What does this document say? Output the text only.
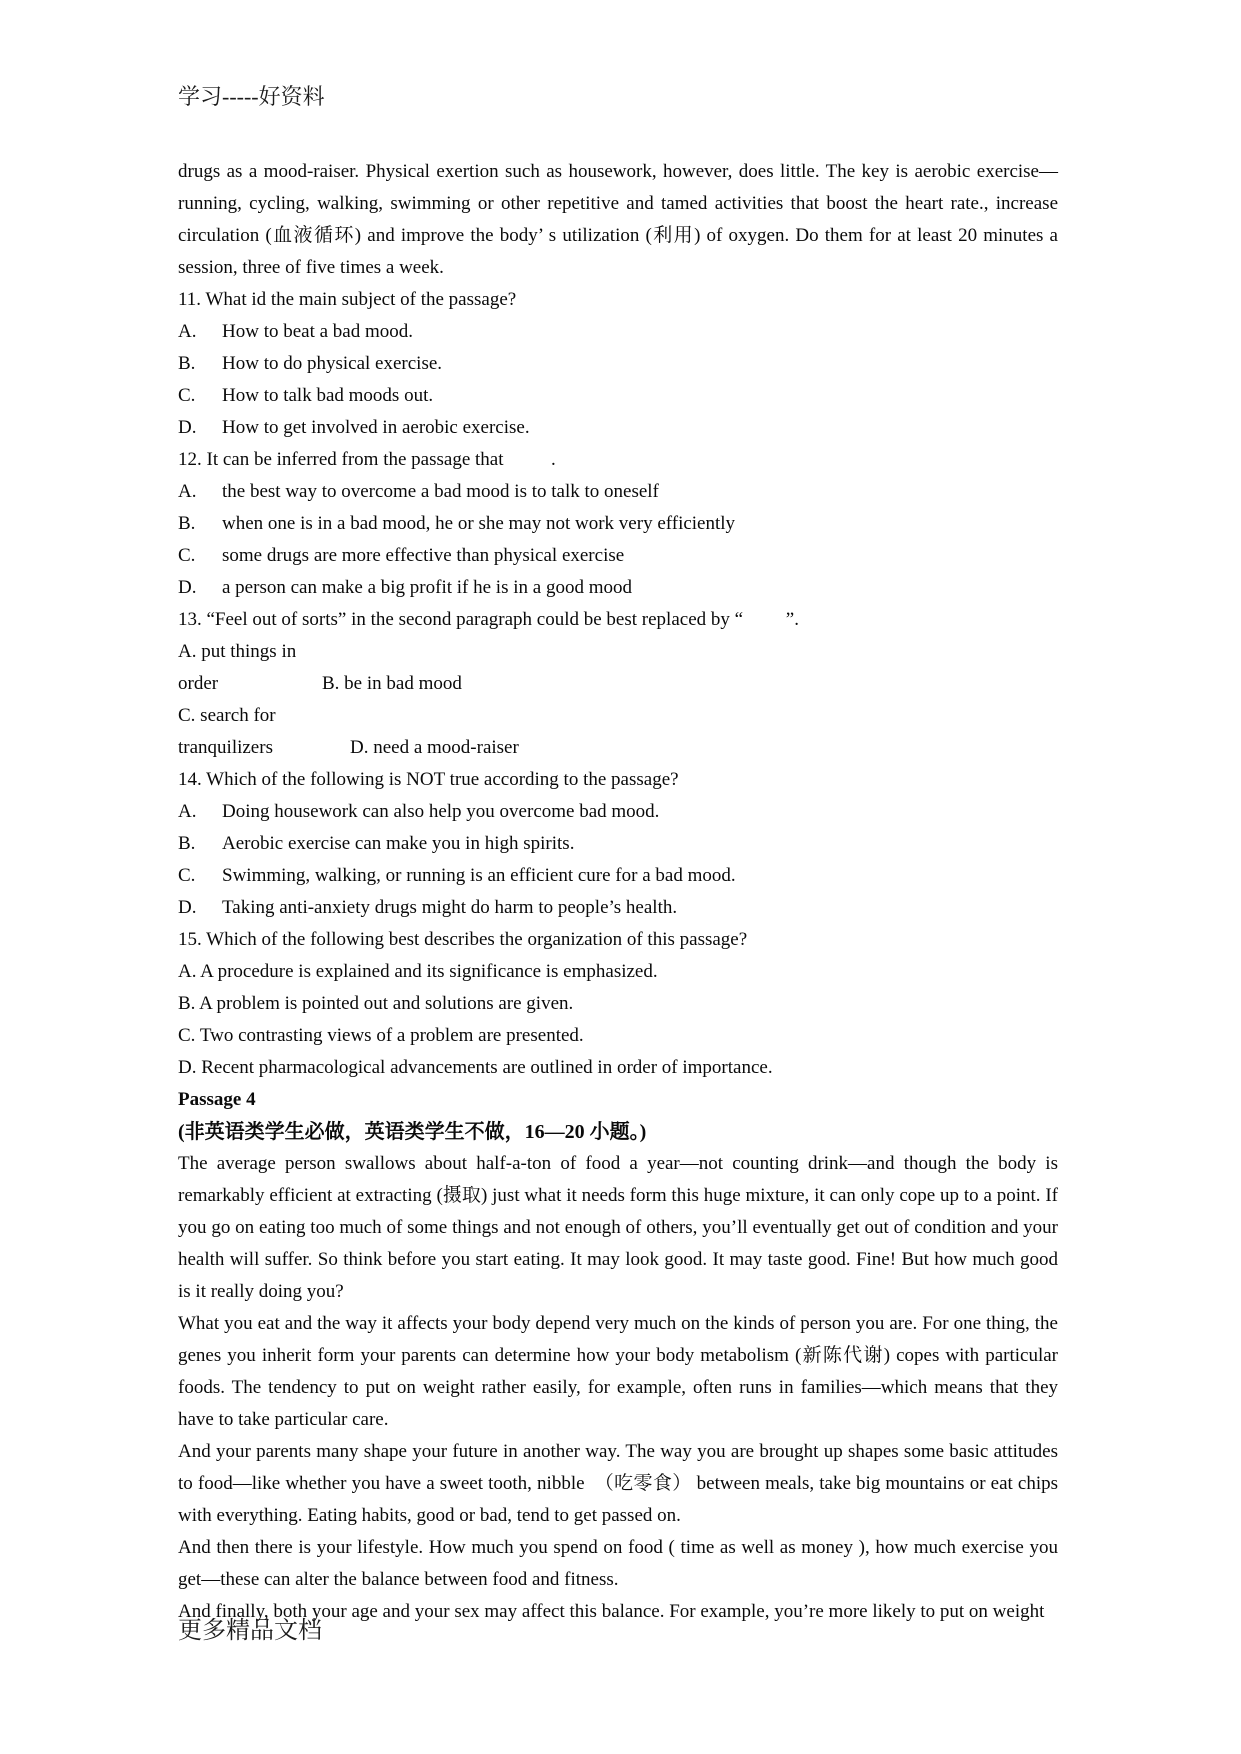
学习-----好资料

drugs as a mood-raiser. Physical exertion such as housework, however, does little. The key is aerobic exercise—running, cycling, walking, swimming or other repetitive and tamed activities that boost the heart rate., increase circulation (血液循环) and improve the body’ s utilization (利用) of oxygen. Do them for at least 20 minutes a session, three of five times a week.

11. What id the main subject of the passage?

A. How to beat a bad mood.

B. How to do physical exercise.

C. How to talk bad moods out.

D. How to get involved in aerobic exercise.

12. It can be inferred from the passage that          .

A. the best way to overcome a bad mood is to talk to oneself

B. when one is in a bad mood, he or she may not work very efficiently

C. some drugs are more effective than physical exercise

D. a person can make a big profit if he is in a good mood

13. “Feel out of sorts” in the second paragraph could be best replaced by “         ”.

A. put things in order	B. be in bad mood

C. search for tranquilizers	D. need a mood-raiser

14. Which of the following is NOT true according to the passage?

A. Doing housework can also help you overcome bad mood.

B. Aerobic exercise can make you in high spirits.

C. Swimming, walking, or running is an efficient cure for a bad mood.

D. Taking anti-anxiety drugs might do harm to people’s health.

15. Which of the following best describes the organization of this passage?

A. A procedure is explained and its significance is emphasized.

B. A problem is pointed out and solutions are given.

C. Two contrasting views of a problem are presented.

D. Recent pharmacological advancements are outlined in order of importance.

Passage 4

(非英语类学生必做，英语类学生不做，16—20 小题。)

The average person swallows about half-a-ton of food a year—not counting drink—and though the body is remarkably efficient at extracting (摄取) just what it needs form this huge mixture, it can only cope up to a point. If you go on eating too much of some things and not enough of others, you’ll eventually get out of condition and your health will suffer. So think before you start eating. It may look good. It may taste good. Fine! But how much good is it really doing you?

What you eat and the way it affects your body depend very much on the kinds of person you are. For one thing, the genes you inherit form your parents can determine how your body metabolism (新陈代谢) copes with particular foods. The tendency to put on weight rather easily, for example, often runs in families—which means that they have to take particular care.

And your parents many shape your future in another way. The way you are brought up shapes some basic attitudes to food—like whether you have a sweet tooth, nibble  （吃零食） between meals, take big mountains or eat chips with everything. Eating habits, good or bad, tend to get passed on.

And then there is your lifestyle. How much you spend on food ( time as well as money ), how much exercise you get—these can alter the balance between food and fitness.

And finally, both your age and your sex may affect this balance. For example, you’re more likely to put on weight

更多精品文档
